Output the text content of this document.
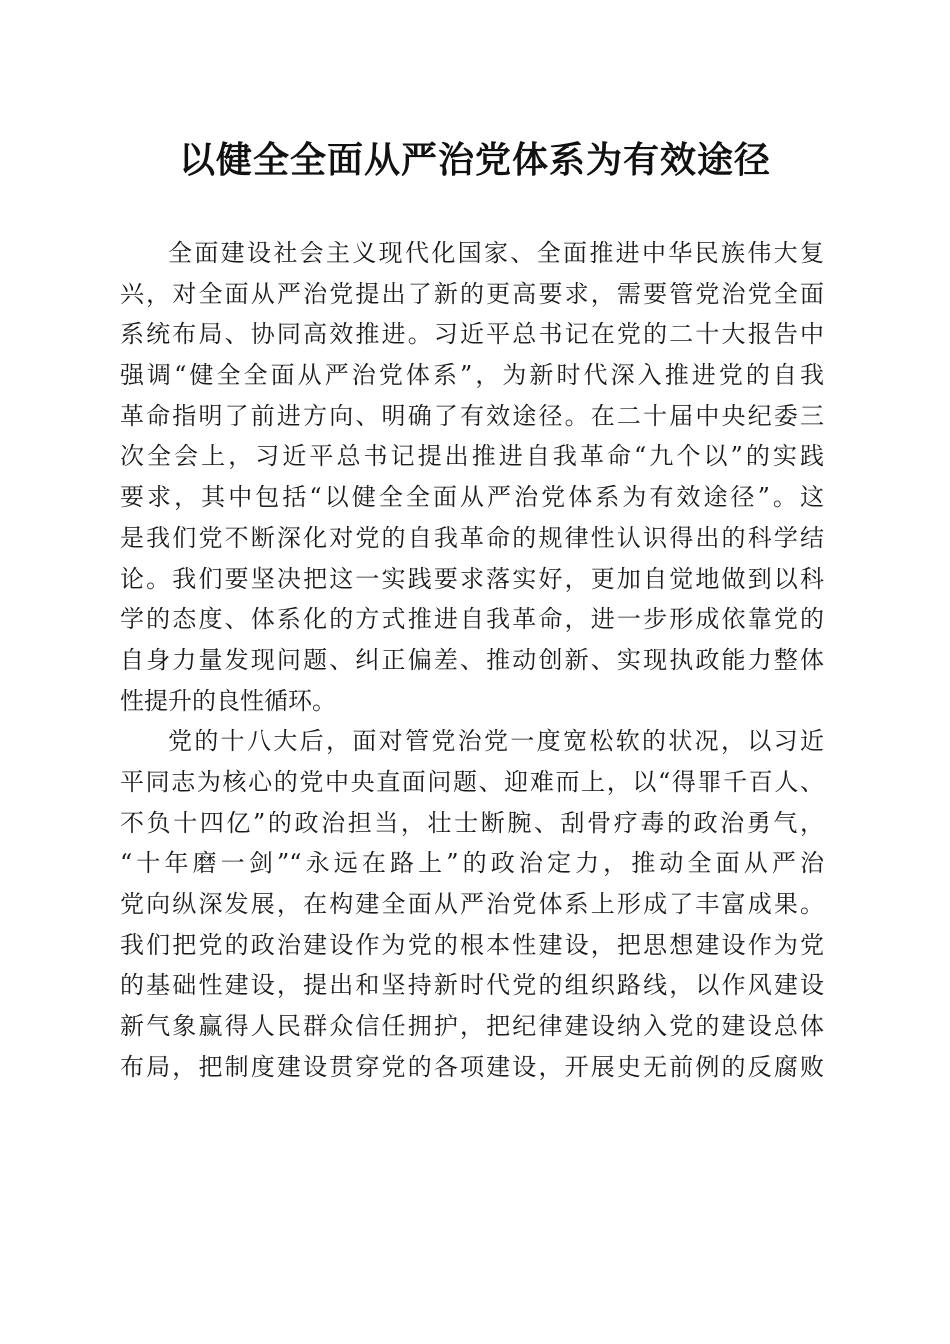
以健全全面从严治党体系为有效途径
全面建设社会主义现代化国家、全面推进中华民族伟大复
兴，对全面从严治党提出了新的更高要求，需要管党治党全面
系统布局、协同高效推进。习近平总书记在党的二十大报告中
强调“健全全面从严治党体系”，为新时代深入推进党的自我
革命指明了前进方向、明确了有效途径。在二十届中央纪委三
次全会上，习近平总书记提出推进自我革命“九个以”的实践
要求，其中包括“以健全全面从严治党体系为有效途径”。这
是我们党不断深化对党的自我革命的规律性认识得出的科学结
论。我们要坚决把这一实践要求落实好，更加自觉地做到以科
学的态度、体系化的方式推进自我革命，进一步形成依靠党的
自身力量发现问题、纠正偏差、推动创新、实现执政能力整体
性提升的良性循环。
党的十八大后，面对管党治党一度宽松软的状况，以习近
平同志为核心的党中央直面问题、迎难而上，以“得罪千百人、
不负十四亿”的政治担当，壮士断腕、刮骨疗毒的政治勇气，
“十年磨一剑”“永远在路上”的政治定力，推动全面从严治
党向纵深发展，在构建全面从严治党体系上形成了丰富成果。
我们把党的政治建设作为党的根本性建设，把思想建设作为党
的基础性建设，提出和坚持新时代党的组织路线，以作风建设
新气象赢得人民群众信任拥护，把纪律建设纳入党的建设总体
布局，把制度建设贯穿党的各项建设，开展史无前例的反腐败
